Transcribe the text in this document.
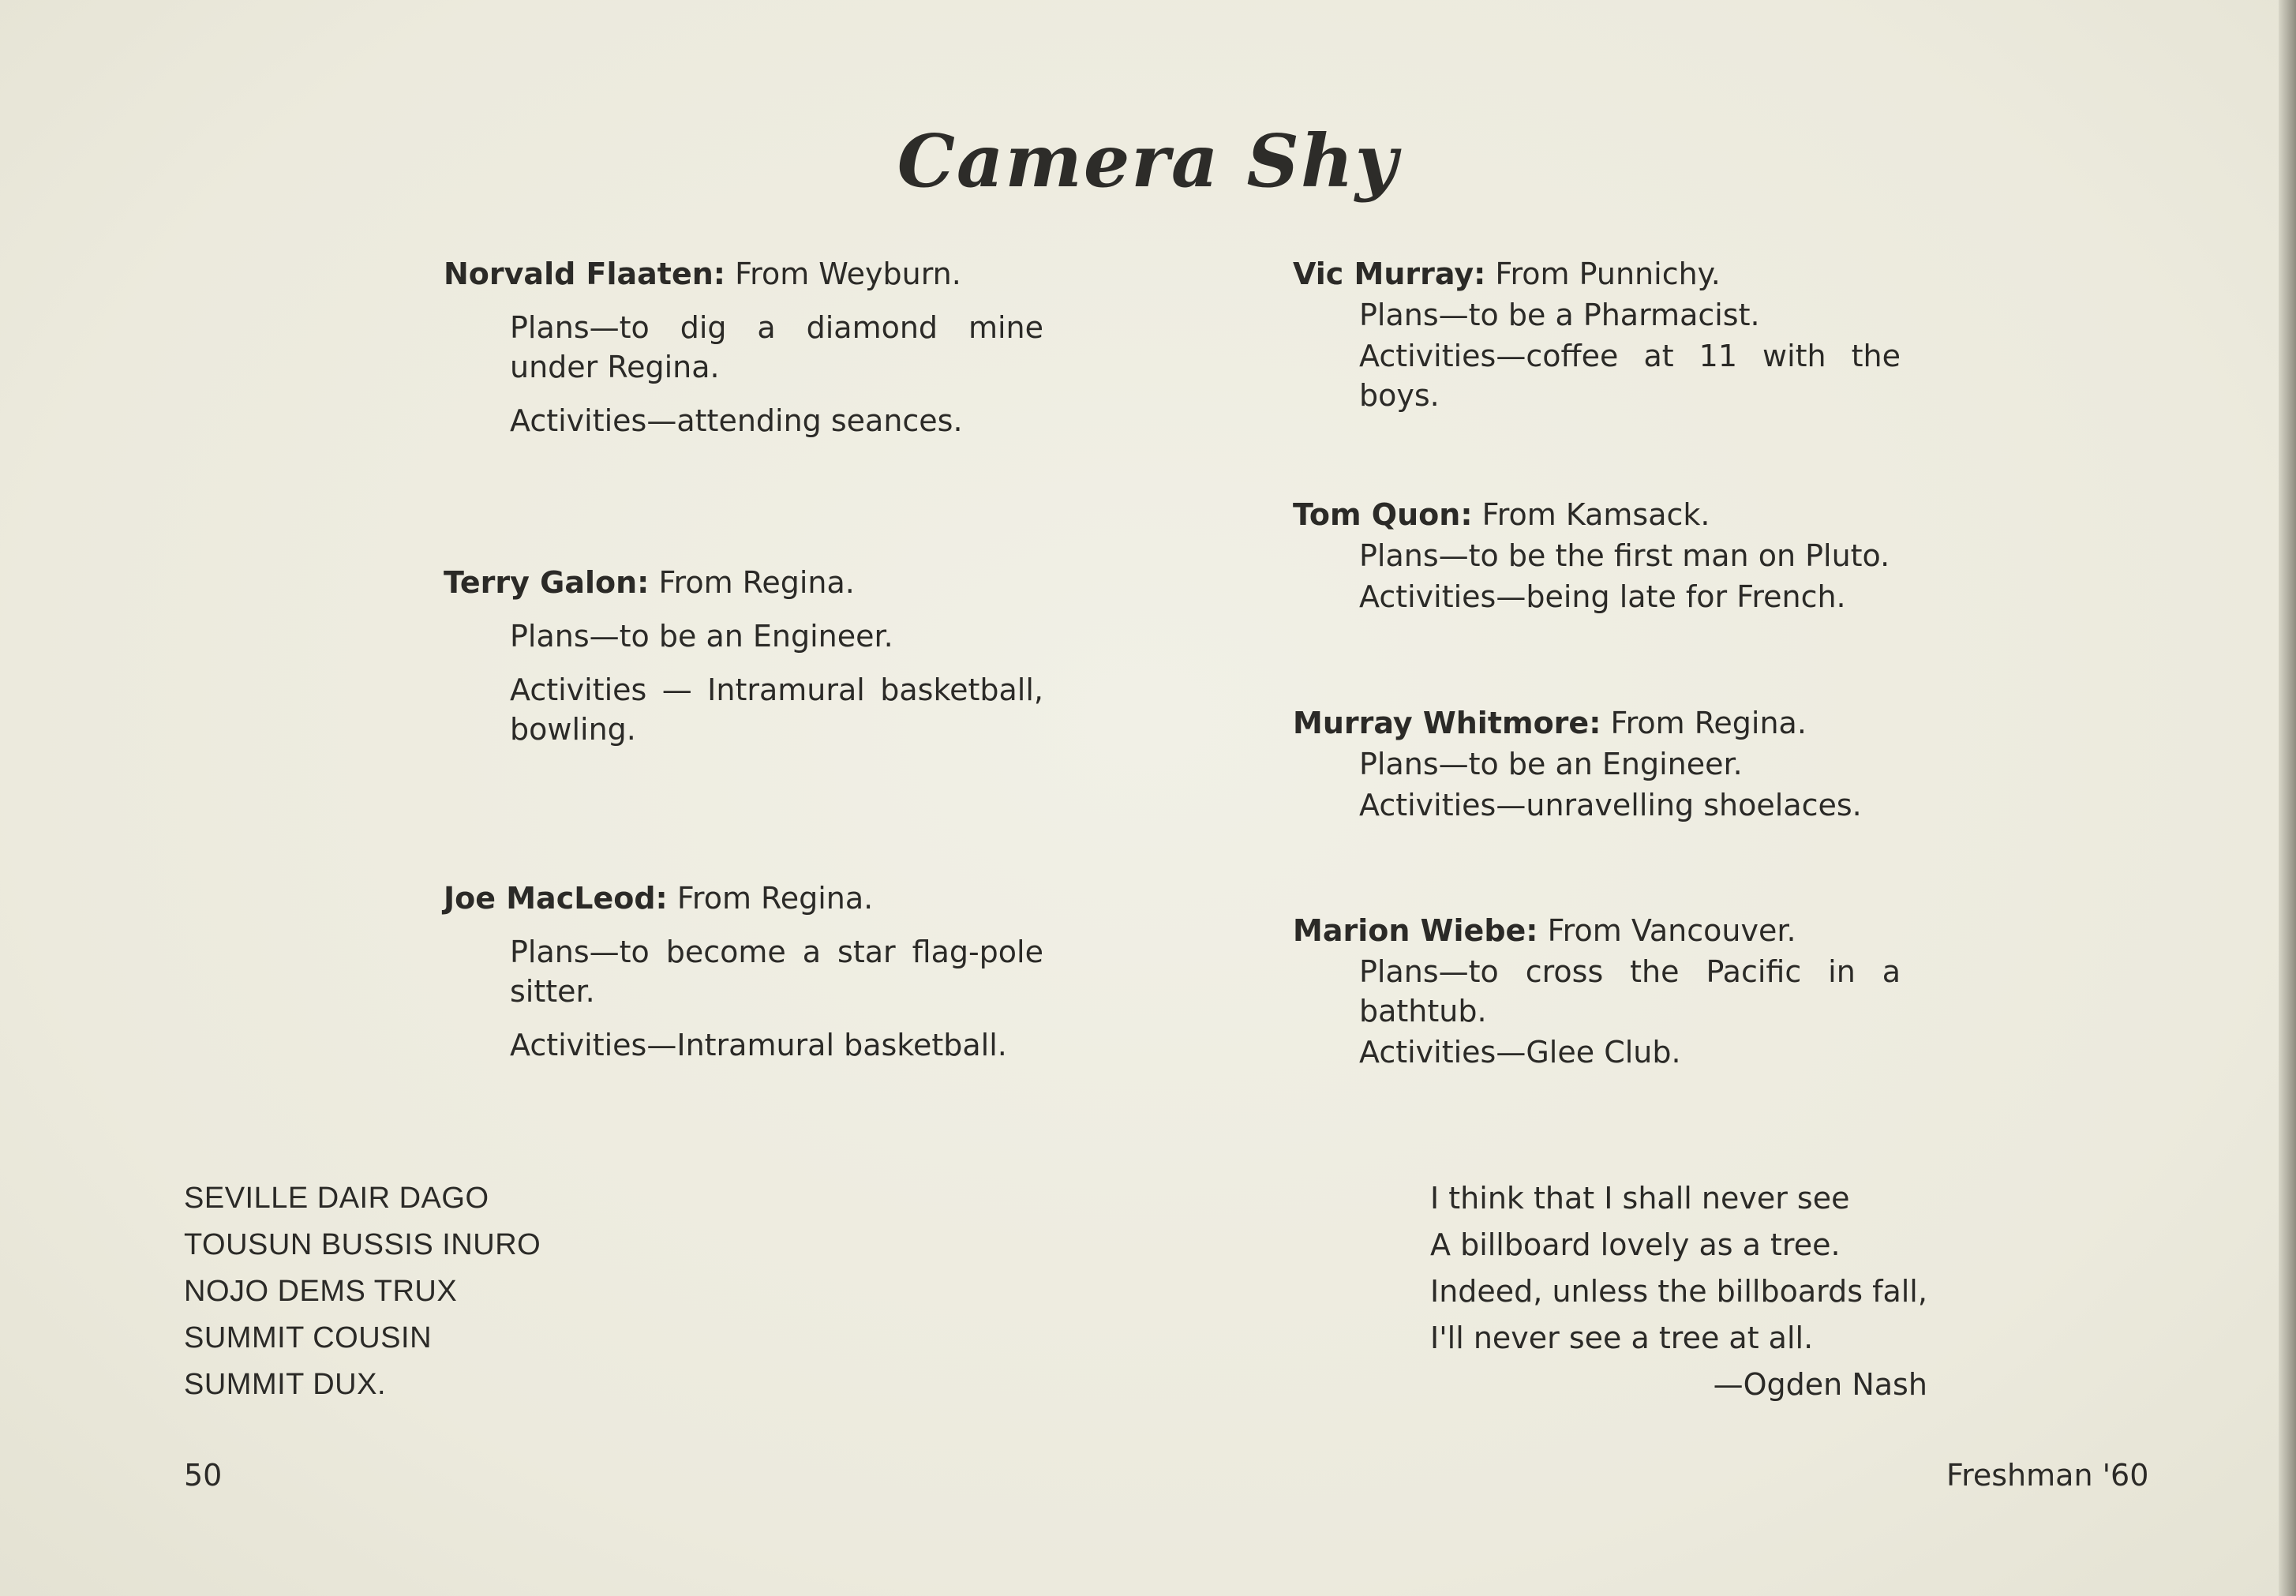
Camera Shy

Norvald Flaaten: From Weyburn.

Plans—to dig a diamond mine under Regina.

Activities—attending seances.

Terry Galon: From Regina.

Plans—to be an Engineer.

Activities — Intramural basketball, bowling.

Joe MacLeod: From Regina.

Plans—to become a star flag-pole sitter.

Activities—Intramural basketball.

Vic Murray: From Punnichy.

Plans—to be a Pharmacist.

Activities—coffee at 11 with the boys.

Tom Quon: From Kamsack.

Plans—to be the first man on Pluto.

Activities—being late for French.

Murray Whitmore: From Regina.

Plans—to be an Engineer.

Activities—unravelling shoelaces.

Marion Wiebe: From Vancouver.

Plans—to cross the Pacific in a bathtub.

Activities—Glee Club.

SEVILLE DAIR DAGO
TOUSUN BUSSIS INURO
NOJO DEMS TRUX
SUMMIT COUSIN
SUMMIT DUX.
I think that I shall never see
A billboard lovely as a tree.
Indeed, unless the billboards fall,
I'll never see a tree at all.
—Ogden Nash
50	Freshman '60
